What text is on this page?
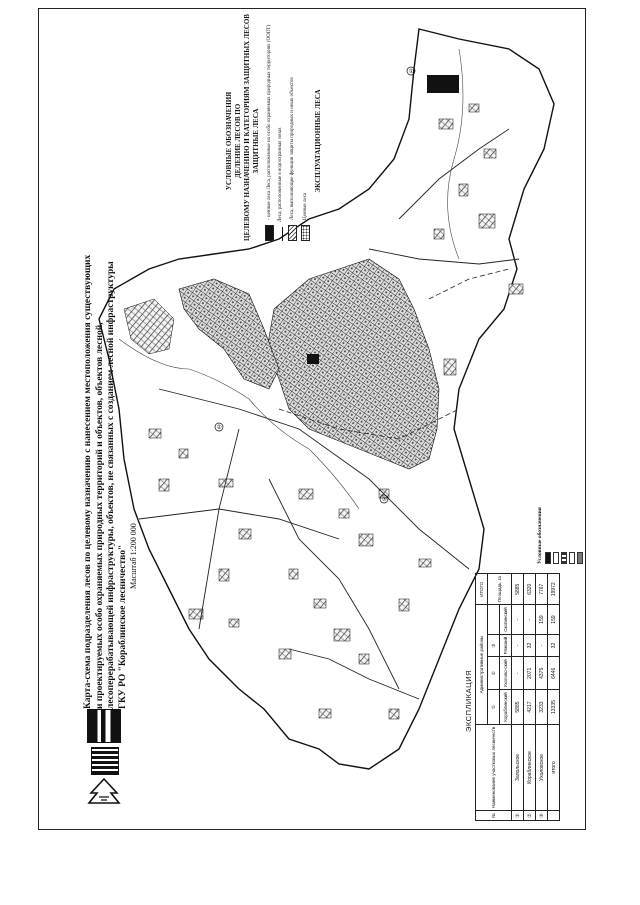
①
②
③
Карта-схема подразделения лесов по целевому назначению с нанесением местоположения существующих и проектируемых особо охраняемых природных территорий и объектов, объектов лесной, лесоперерабатывающей инфраструктуры, объектов, не связанных с созданием лесной инфраструктуры ГКУ РО "Кораблинское лесничество" Масштаб 1:200 000
УСЛОВНЫЕ ОБОЗНАЧЕНИЯ ДЕЛЕНИЕ ЛЕСОВ ПО ЦЕЛЕВОМУ НАЗНАЧЕНИЮ И КАТЕГОРИЯМ ЗАЩИТНЫХ ЛЕСОВ ЗАЩИТНЫЕ ЛЕСА
- ценные леса

Леса, расположенные на особо охраняемых природных территориях (ООПТ) Леса, расположенные в водоохранных зонах Леса, выполняющие функции защиты природных и иных объектов Ценные леса
ЭКСПЛУАТАЦИОННЫЕ ЛЕСА
Условные обозначения
ЭКСПЛИКАЦИЯ
№	Наименование участковых лесничеств	Административные районы				ИТОГО
		①	②	③		Площадь, га
		Кораблинский	Ухолово-ский	Ряжский	Скопинский	
①	Запольское	5885	-	-	-	5885
②	Кораблинское	4217	2071	32	-	6320
③	Ухоловское	3233	4375	-	159	7767
	итого	13335	6446	32	159	19972
